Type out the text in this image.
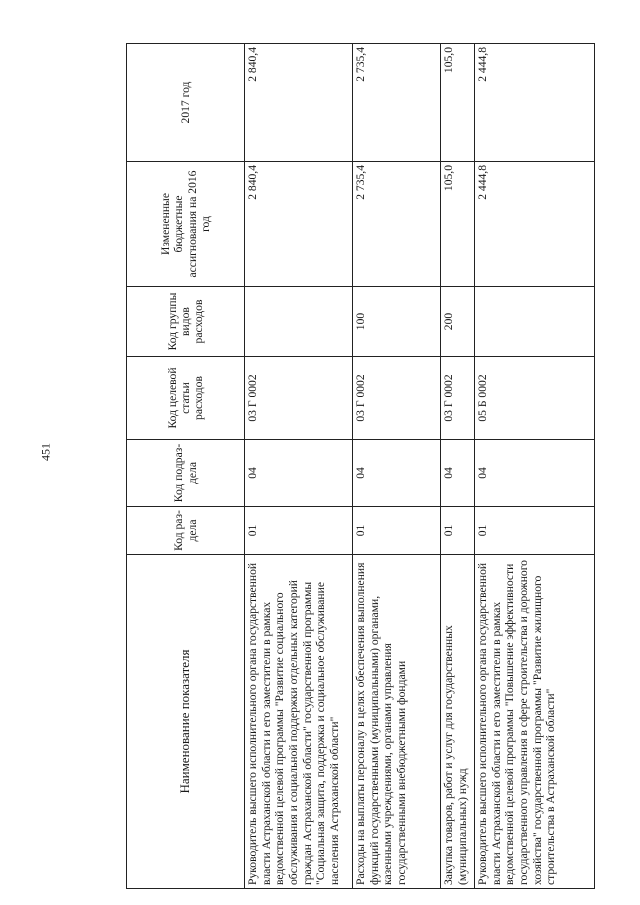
451
Наименование показателя	Код раз-дела	Код подраз-дела	Код целевой статьи расходов	Код группы видов расходов	Измененные бюджетные ассигнования на 2016 год	2017 год
Руководитель высшего исполнительного органа государственной власти Астраханской области и его заместители в рамках ведомственной целевой программы "Развитие социального обслуживания и социальной поддержки отдельных категорий граждан Астраханской области" государственной программы "Социальная защита, поддержка и социальное обслуживание населения Астраханской области"	01	04	03 Г 0002		2 840,4	2 840,4
Расходы на выплаты персоналу в целях обеспечения выполнения функций государственными (муниципальными) органами, казенными учреждениями, органами управления государственными внебюджетными фондами	01	04	03 Г 0002	100	2 735,4	2 735,4
Закупка товаров, работ и услуг для государственных (муниципальных) нужд	01	04	03 Г 0002	200	105,0	105,0
Руководитель высшего исполнительного органа государственной власти Астраханской области и его заместители в рамках ведомственной целевой программы "Повышение эффективности государственного управления в сфере строительства и дорожного хозяйства" государственной программы "Развитие жилищного строительства в Астраханской области"	01	04	05 Б 0002		2 444,8	2 444,8
